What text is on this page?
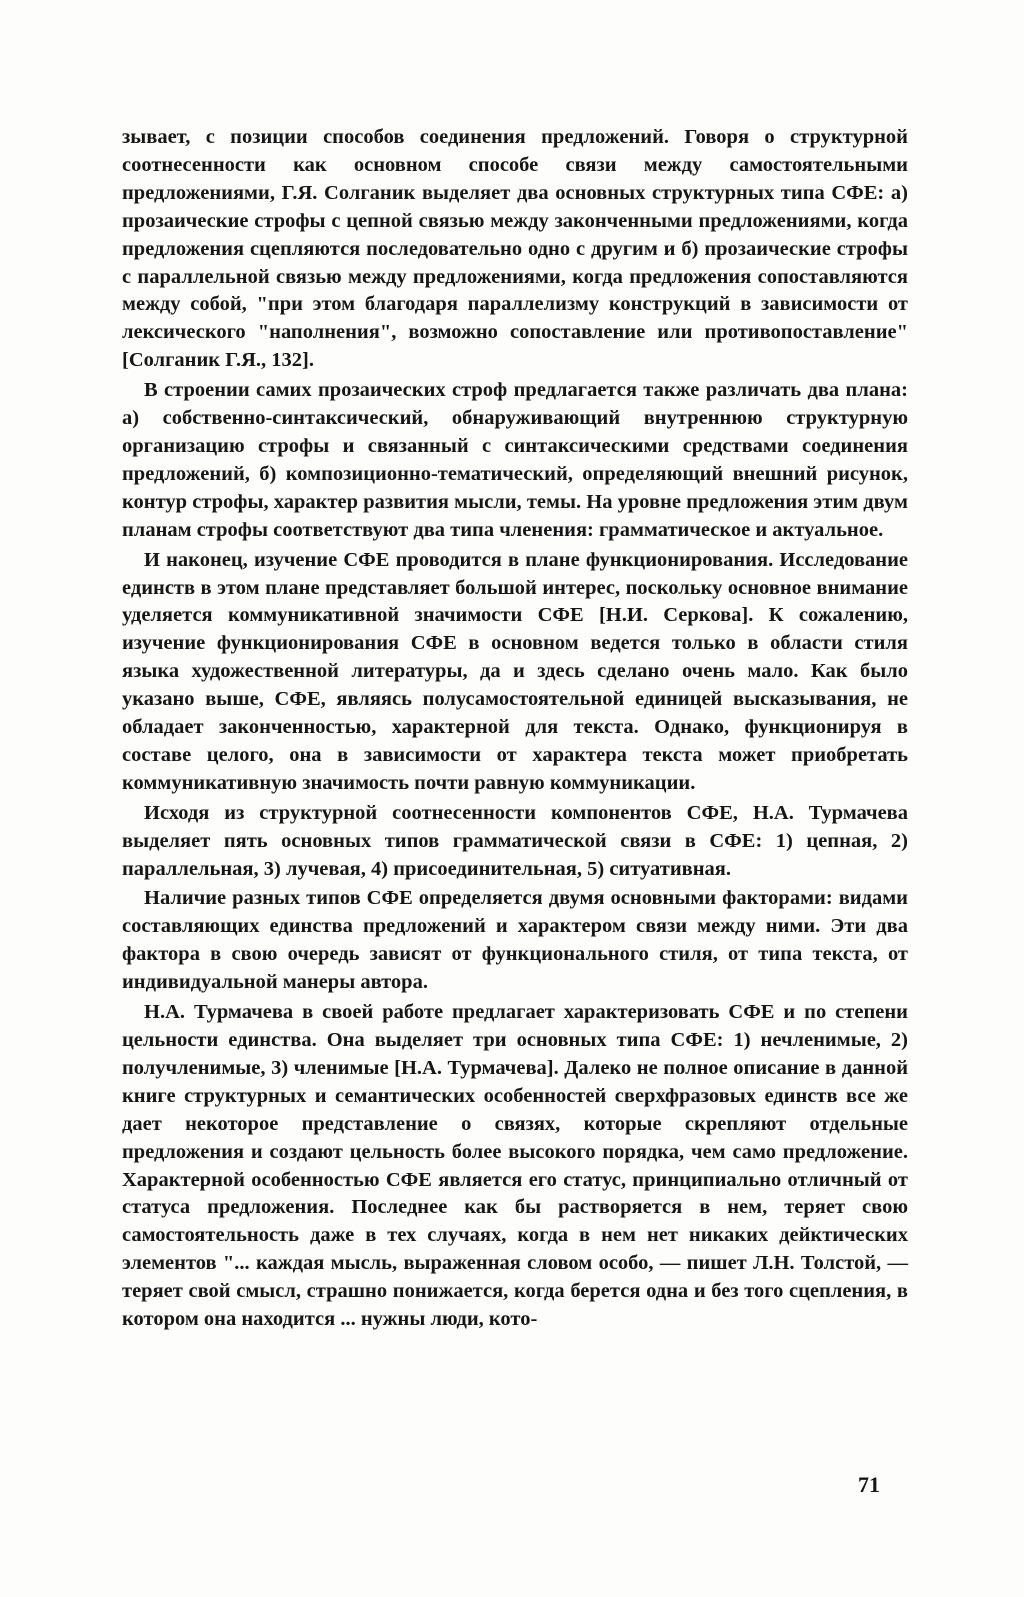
зывает, с позиции способов соединения предложений. Говоря о структурной соотнесенности как основном способе связи между самостоятельными предложениями, Г.Я. Солганик выделяет два основных структурных типа СФЕ: а) прозаические строфы с цепной связью между законченными предложениями, когда предложения сцепляются последовательно одно с другим и б) прозаические строфы с параллельной связью между предложениями, когда предложения сопоставляются между собой, "при этом благодаря параллелизму конструкций в зависимости от лексического "наполнения", возможно сопоставление или противопоставление" [Солганик Г.Я., 132].

В строении самих прозаических строф предлагается также различать два плана: а) собственно-синтаксический, обнаруживающий внутреннюю структурную организацию строфы и связанный с синтаксическими средствами соединения предложений, б) композиционно-тематический, определяющий внешний рисунок, контур строфы, характер развития мысли, темы. На уровне предложения этим двум планам строфы соответствуют два типа членения: грамматическое и актуальное.

И наконец, изучение СФЕ проводится в плане функционирования. Исследование единств в этом плане представляет большой интерес, поскольку основное внимание уделяется коммуникативной значимости СФЕ [Н.И. Серкова]. К сожалению, изучение функционирования СФЕ в основном ведется только в области стиля языка художественной литературы, да и здесь сделано очень мало. Как было указано выше, СФЕ, являясь полусамостоятельной единицей высказывания, не обладает законченностью, характерной для текста. Однако, функционируя в составе целого, она в зависимости от характера текста может приобретать коммуникативную значимость почти равную коммуникации.

Исходя из структурной соотнесенности компонентов СФЕ, Н.А. Турмачева выделяет пять основных типов грамматической связи в СФЕ: 1) цепная, 2) параллельная, 3) лучевая, 4) присоединительная, 5) ситуативная.

Наличие разных типов СФЕ определяется двумя основными факторами: видами составляющих единства предложений и характером связи между ними. Эти два фактора в свою очередь зависят от функционального стиля, от типа текста, от индивидуальной манеры автора.

Н.А. Турмачева в своей работе предлагает характеризовать СФЕ и по степени цельности единства. Она выделяет три основных типа СФЕ: 1) нечленимые, 2) получленимые, 3) членимые [Н.А. Турмачева]. Далеко не полное описание в данной книге структурных и семантических особенностей сверхфразовых единств все же дает некоторое представление о связях, которые скрепляют отдельные предложения и создают цельность более высокого порядка, чем само предложение. Характерной особенностью СФЕ является его статус, принципиально отличный от статуса предложения. Последнее как бы растворяется в нем, теряет свою самостоятельность даже в тех случаях, когда в нем нет никаких дейктических элементов "... каждая мысль, выраженная словом особо, — пишет Л.Н. Толстой, — теряет свой смысл, страшно понижается, когда берется одна и без того сцепления, в котором она находится ... нужны люди, кото-

71
